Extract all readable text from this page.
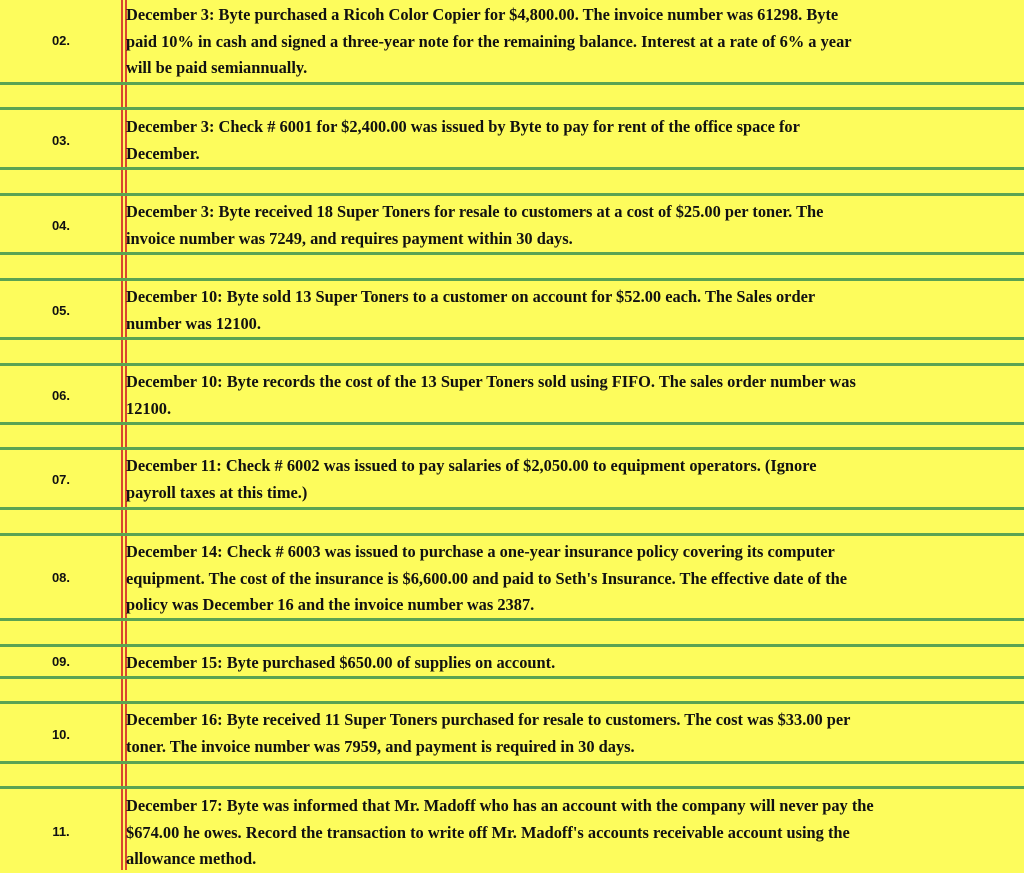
02.
December 3: Byte purchased a Ricoh Color Copier for $4,800.00. The invoice number was 61298. Byte
paid 10% in cash and signed a three-year note for the remaining balance. Interest at a rate of 6% a year
will be paid semiannually.
03.
December 3: Check # 6001 for $2,400.00 was issued by Byte to pay for rent of the office space for
December.
04.
December 3: Byte received 18 Super Toners for resale to customers at a cost of $25.00 per toner. The
invoice number was 7249, and requires payment within 30 days.
05.
December 10: Byte sold 13 Super Toners to a customer on account for $52.00 each. The Sales order
number was 12100.
06.
December 10: Byte records the cost of the 13 Super Toners sold using FIFO. The sales order number was
12100.
07.
December 11: Check # 6002 was issued to pay salaries of $2,050.00 to equipment operators. (Ignore
payroll taxes at this time.)
08.
December 14: Check # 6003 was issued to purchase a one-year insurance policy covering its computer
equipment. The cost of the insurance is $6,600.00 and paid to Seth's Insurance. The effective date of the
policy was December 16 and the invoice number was 2387.
09.	December 15: Byte purchased $650.00 of supplies on account.
10.
December 16: Byte received 11 Super Toners purchased for resale to customers. The cost was $33.00 per
toner. The invoice number was 7959, and payment is required in 30 days.
11.
December 17: Byte was informed that Mr. Madoff who has an account with the company will never pay the
$674.00 he owes. Record the transaction to write off Mr. Madoff's accounts receivable account using the
allowance method.
